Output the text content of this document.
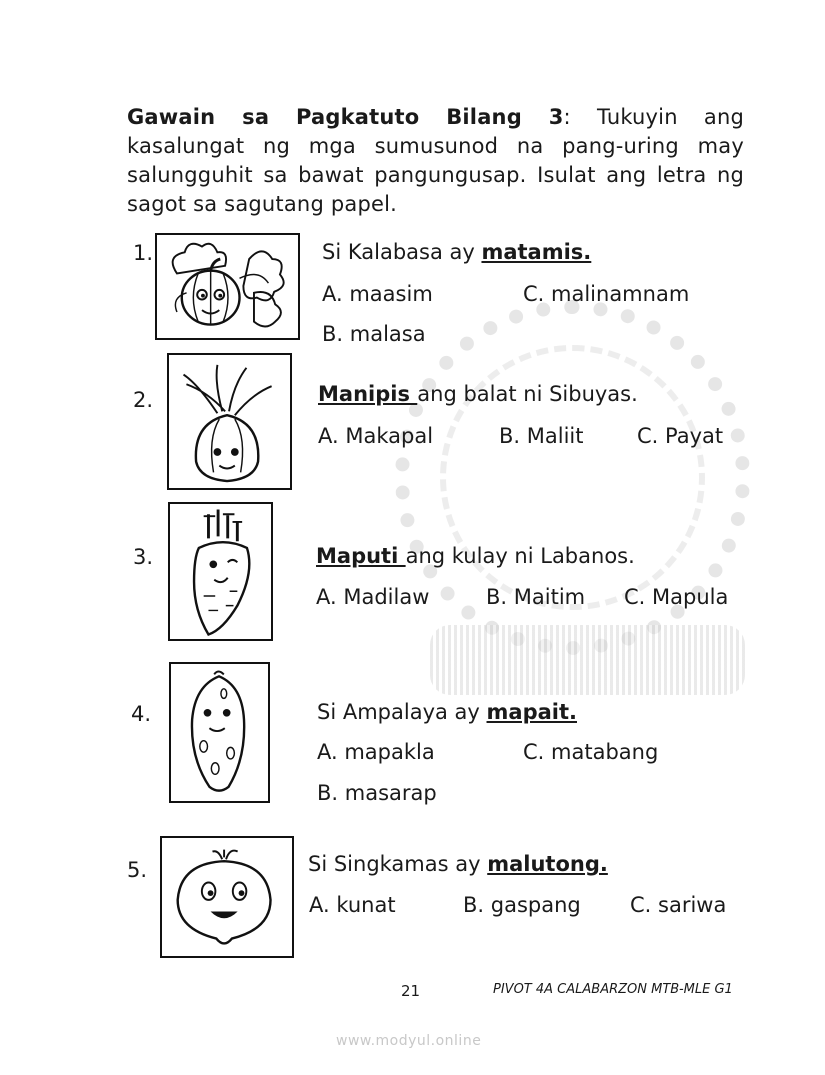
Gawain sa Pagkatuto Bilang 3: Tukuyin ang kasalungat ng mga sumusunod na pang-uring may salungguhit sa bawat pangungusap. Isulat ang letra ng sagot sa sagutang papel.
1.	Si Kalabasa ay matamis.
A. maasim	C. malinamnam
B. malasa
2.	Manipis ang balat ni Sibuyas.
A. Makapal	B. Maliit	C. Payat
3.	Maputi ang kulay ni Labanos.
A. Madilaw	B. Maitim C. Mapula
4.	Si Ampalaya ay mapait.
A. mapakla	C. matabang
B. masarap
5.	Si Singkamas ay malutong.
A. kunat	B. gaspang C. sariwa
21	PIVOT 4A CALABARZON MTB-MLE G1
www.modyul.online
